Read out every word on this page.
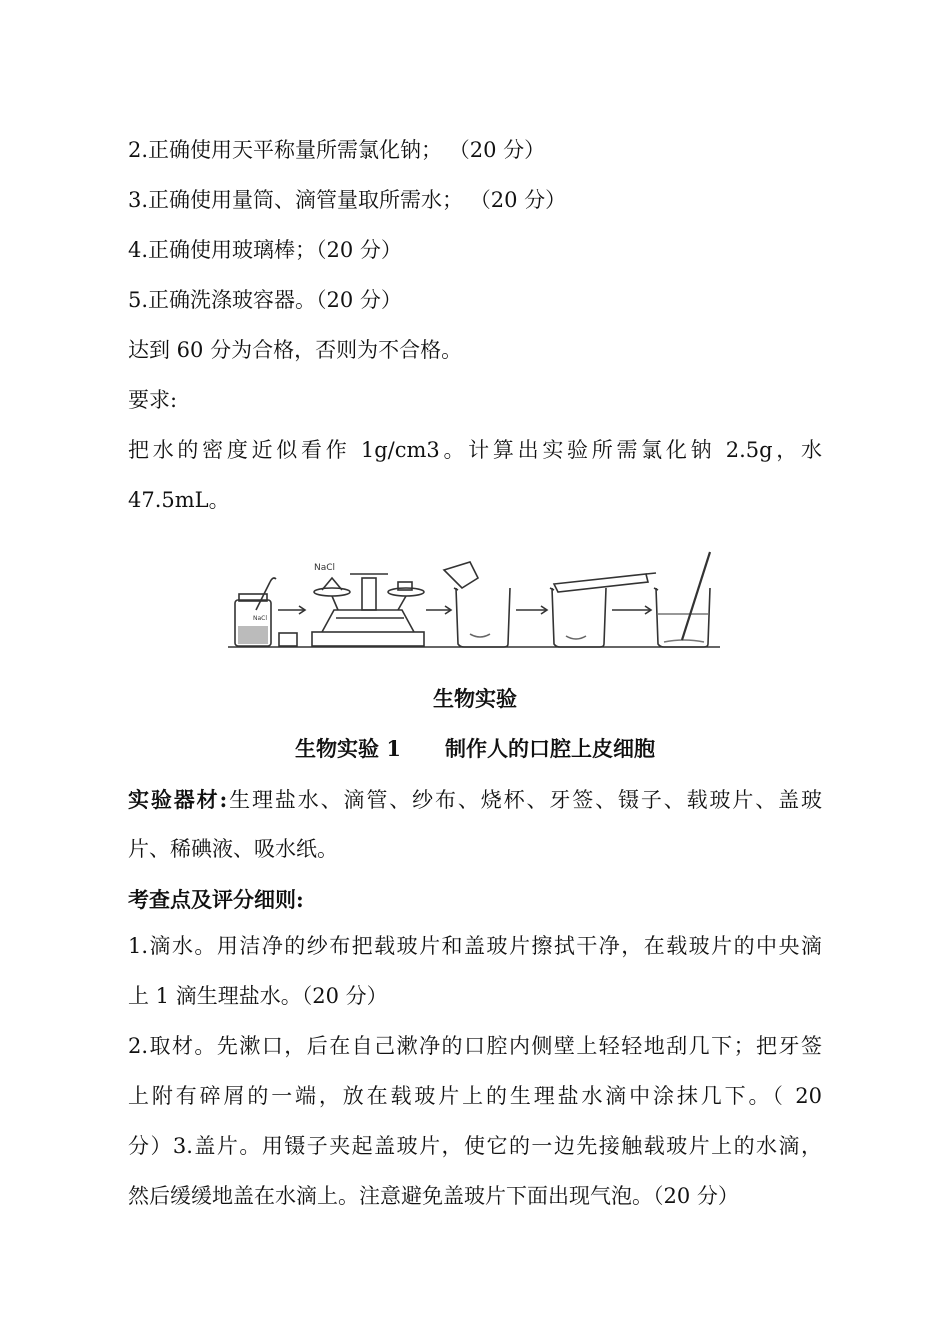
2.正确使用天平称量所需氯化钠； （20 分）
3.正确使用量筒、滴管量取所需水； （20 分）
4.正确使用玻璃棒；（20 分）
5.正确洗涤玻容器。（20 分）
达到 60 分为合格，否则为不合格。
要求:
把水的密度近似看作 1g/cm3。计算出实验所需氯化钠 2.5g，水
47.5mL。
NaCl
NaCl
生物实验
生物实验 1 制作人的口腔上皮细胞
实验器材:生理盐水、滴管、纱布、烧杯、牙签、镊子、载玻片、盖玻
片、稀碘液、吸水纸。
考查点及评分细则:
1.滴水。用洁净的纱布把载玻片和盖玻片擦拭干净，在载玻片的中央滴
上 1 滴生理盐水。（20 分）
2.取材。先漱口，后在自己漱净的口腔内侧壁上轻轻地刮几下；把牙签
上附有碎屑的一端，放在载玻片上的生理盐水滴中涂抹几下。（ 20
分）3.盖片。用镊子夹起盖玻片，使它的一边先接触载玻片上的水滴，
然后缓缓地盖在水滴上。注意避免盖玻片下面出现气泡。（20 分）
